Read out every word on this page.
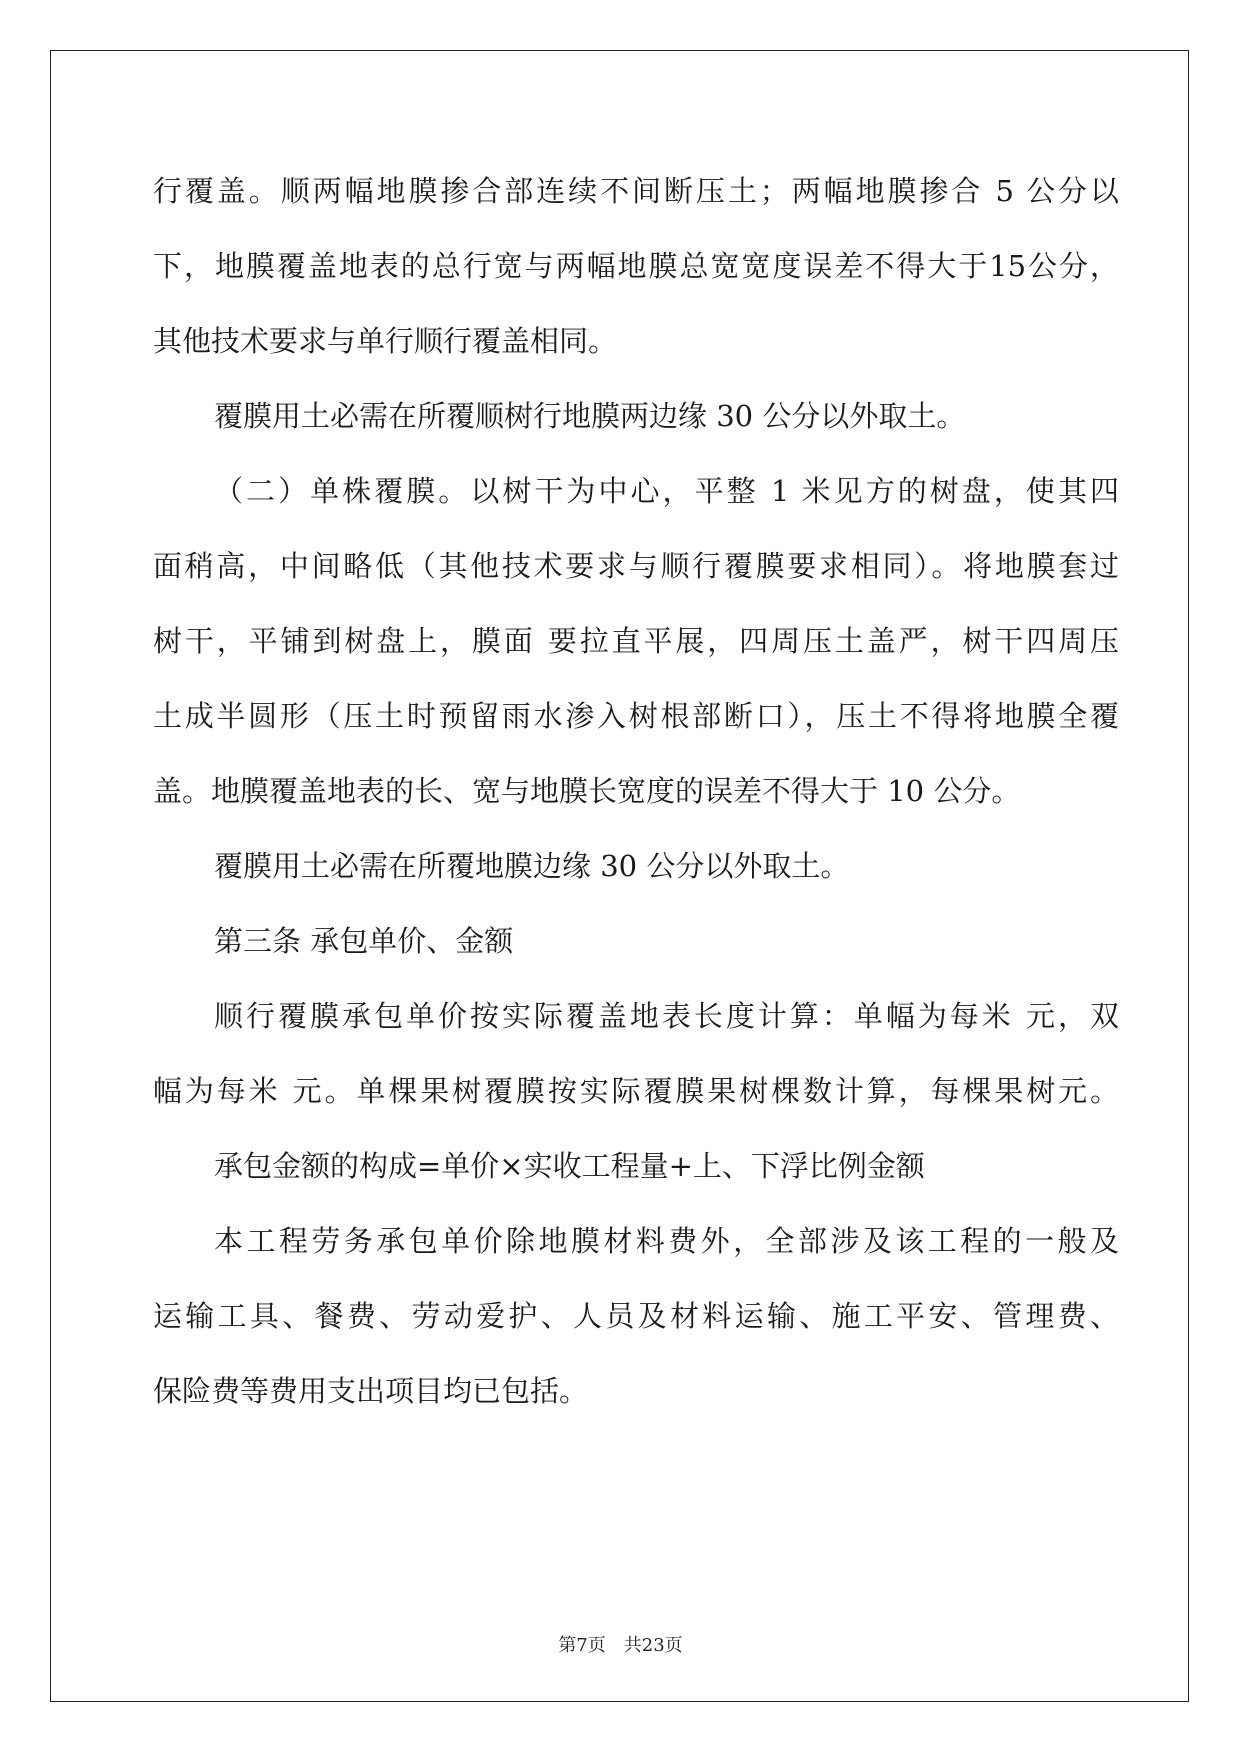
行覆盖。顺两幅地膜掺合部连续不间断压土；两幅地膜掺合 5 公分以
下，地膜覆盖地表的总行宽与两幅地膜总宽宽度误差不得大于15公分，
其他技术要求与单行顺行覆盖相同。
覆膜用土必需在所覆顺树行地膜两边缘 30 公分以外取土。
（二）单株覆膜。以树干为中心，平整 1 米见方的树盘，使其四
面稍高，中间略低（其他技术要求与顺行覆膜要求相同）。将地膜套过
树干，平铺到树盘上，膜面 要拉直平展，四周压土盖严，树干四周压
土成半圆形（压土时预留雨水渗入树根部断口），压土不得将地膜全覆
盖。地膜覆盖地表的长、宽与地膜长宽度的误差不得大于 10 公分。
覆膜用土必需在所覆地膜边缘 30 公分以外取土。
第三条 承包单价、金额
顺行覆膜承包单价按实际覆盖地表长度计算：单幅为每米 元，双
幅为每米 元。单棵果树覆膜按实际覆膜果树棵数计算，每棵果树元。
承包金额的构成=单价×实收工程量+上、下浮比例金额
本工程劳务承包单价除地膜材料费外，全部涉及该工程的一般及
运输工具、餐费、劳动爱护、人员及材料运输、施工平安、管理费、
保险费等费用支出项目均已包括。
第7页 共23页
